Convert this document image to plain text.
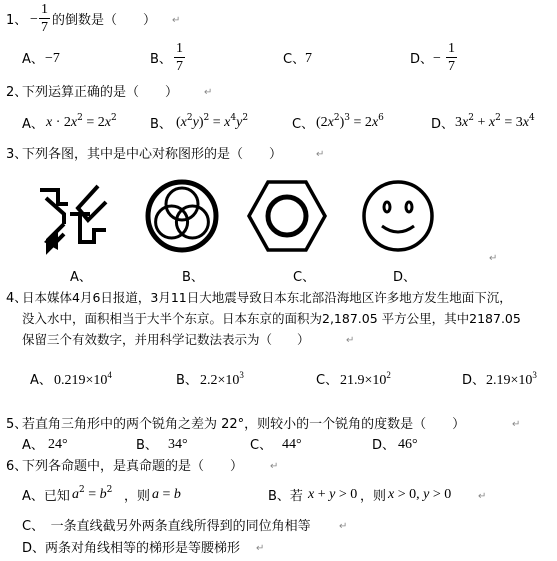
1、 −
1
7 的倒数是（　　） ↵
A、 −7	B、
1
7	C、 7	D、 −
1
7
2、
下列运算正确的是（　　）	↵
A、 $x \cdot 2x^2 = 2x^2$	B、 $(x^2y)^2 = x^4y^2$	C、 $(2x^2)^3 = 2x^6$	D、 $3x^2 + x^2 = 3x^4$
3、
下列各图，其中是中心对称图形的是（　　）	↵
A、	B、	C、	D、
↵
4、
日本媒体4月6日报道，3月11日大地震导致日本东北部沿海地区许多地方发生地面下沉，
没入水中，面积相当于大半个东京。日本东京的面积为2,187.05 平方公里，其中2187.05
保留三个有效数字，并用科学记数法表示为（　　）	↵
A、 $0.219\times 10^4$	B、 $2.2\times 10^3$	C、 $21.9\times 10^2$	D、 $2.19\times 10^3$
5、
若直角三角形中的两个锐角之差为 22°，则较小的一个锐角的度数是（　　）	↵
A、 24°	B、 34°	C、 44°	D、 46°
6、
下列各命题中，是真命题的是（　　）	↵
A、已知 $a^2 = b^2$ ，则 a = b	B、若 x + y > 0 ，则 x > 0, y > 0	↵
C、　一条直线截另外两条直线所得到的同位角相等	↵
D、两条对角线相等的梯形是等腰梯形 ↵
